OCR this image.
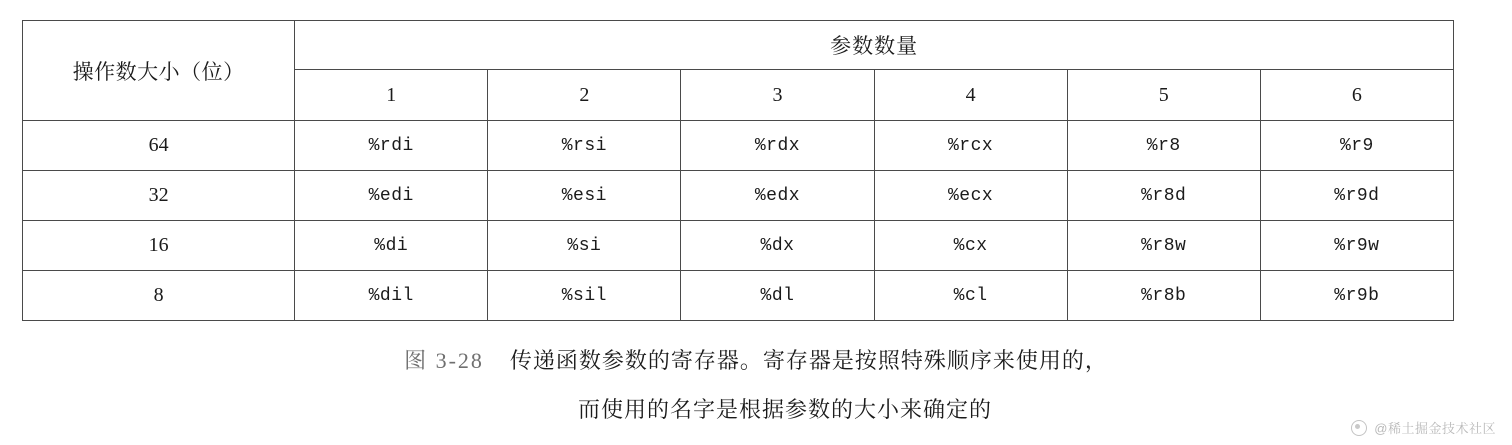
操作数大小（位）	参数数量					
	1	2	3	4	5	6
64	%rdi	%rsi	%rdx	%rcx	%r8	%r9
32	%edi	%esi	%edx	%ecx	%r8d	%r9d
16	%di	%si	%dx	%cx	%r8w	%r9w
8	%dil	%sil	%dl	%cl	%r8b	%r9b
图 3-28 传递函数参数的寄存器。寄存器是按照特殊顺序来使用的，
而使用的名字是根据参数的大小来确定的
@稀土掘金技术社区
